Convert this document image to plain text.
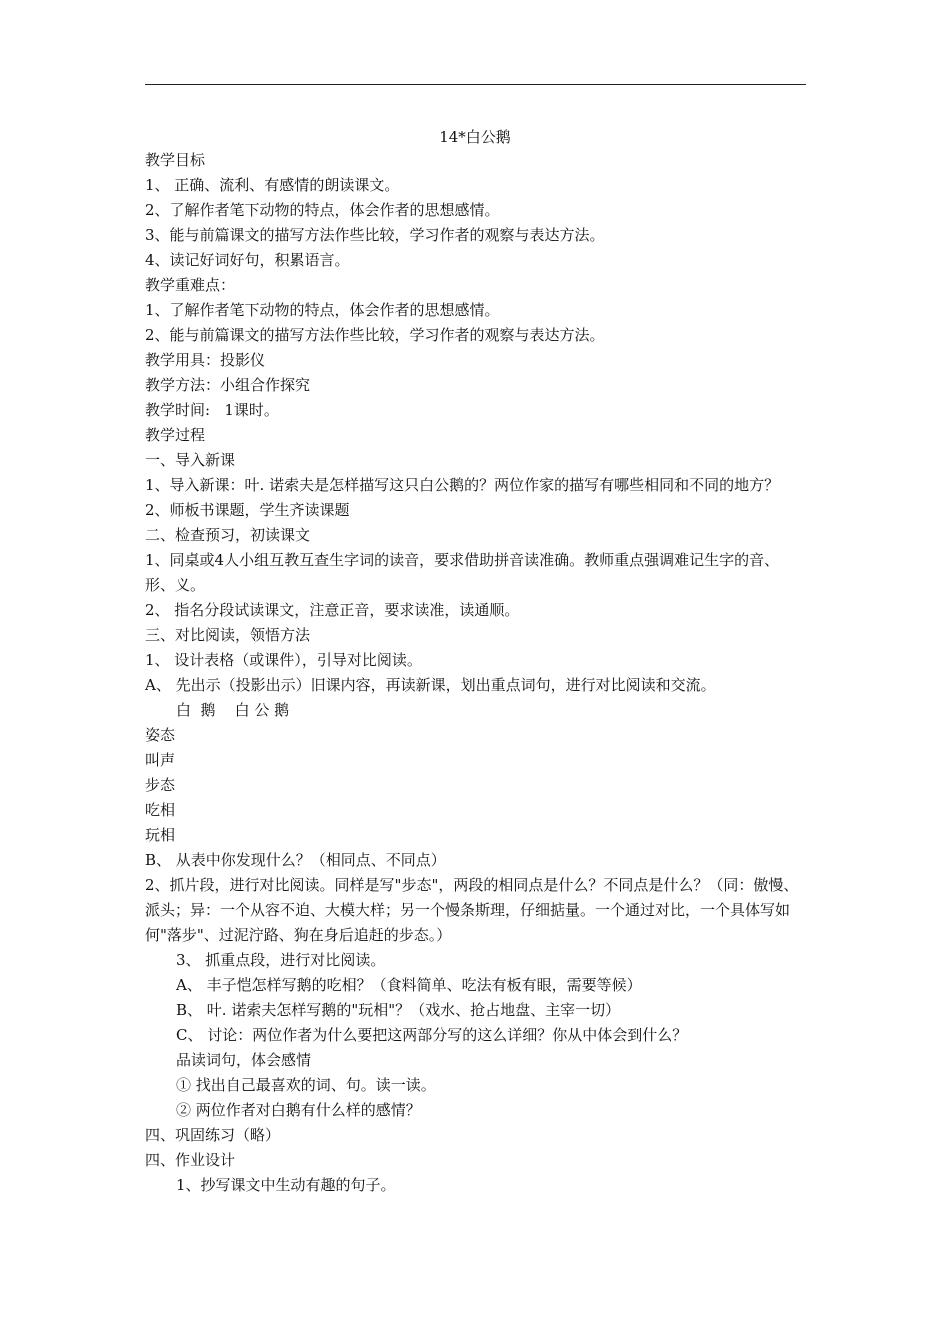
14*白公鹅
教学目标
1、 正确、流利、有感情的朗读课文。
2、了解作者笔下动物的特点，体会作者的思想感情。
3、能与前篇课文的描写方法作些比较，学习作者的观察与表达方法。
4、读记好词好句，积累语言。
教学重难点：
1、了解作者笔下动物的特点，体会作者的思想感情。
2、能与前篇课文的描写方法作些比较，学习作者的观察与表达方法。
教学用具：投影仪
教学方法：小组合作探究
教学时间:   1课时。
教学过程
一、导入新课
1、导入新课：叶. 诺索夫是怎样描写这只白公鹅的？两位作家的描写有哪些相同和不同的地方？
2、师板书课题，学生齐读课题
二、检查预习，初读课文
1、同桌或4人小组互教互查生字词的读音，要求借助拼音读准确。教师重点强调难记生字的音、形、义。
2、 指名分段试读课文，注意正音，要求读准，读通顺。
三、对比阅读，领悟方法
1、 设计表格（或课件），引导对比阅读。
A、 先出示（投影出示）旧课内容，再读新课，划出重点词句，进行对比阅读和交流。
白  鹅    白 公 鹅
姿态
叫声
步态
吃相
玩相
B、 从表中你发现什么？（相同点、不同点）
2、抓片段，进行对比阅读。同样是写"步态"，两段的相同点是什么？不同点是什么？（同：傲慢、派头；异：一个从容不迫、大模大样；另一个慢条斯理，仔细掂量。一个通过对比，一个具体写如何"落步"、过泥泞路、狗在身后追赶的步态。）
3、 抓重点段，进行对比阅读。
A、 丰子恺怎样写鹅的吃相？（食料简单、吃法有板有眼，需要等候）
B、 叶. 诺索夫怎样写鹅的"玩相"？（戏水、抢占地盘、主宰一切）
C、 讨论：两位作者为什么要把这两部分写的这么详细？你从中体会到什么？
品读词句，体会感情
① 找出自己最喜欢的词、句。读一读。
② 两位作者对白鹅有什么样的感情？
四、巩固练习（略）
四、作业设计
1、抄写课文中生动有趣的句子。
